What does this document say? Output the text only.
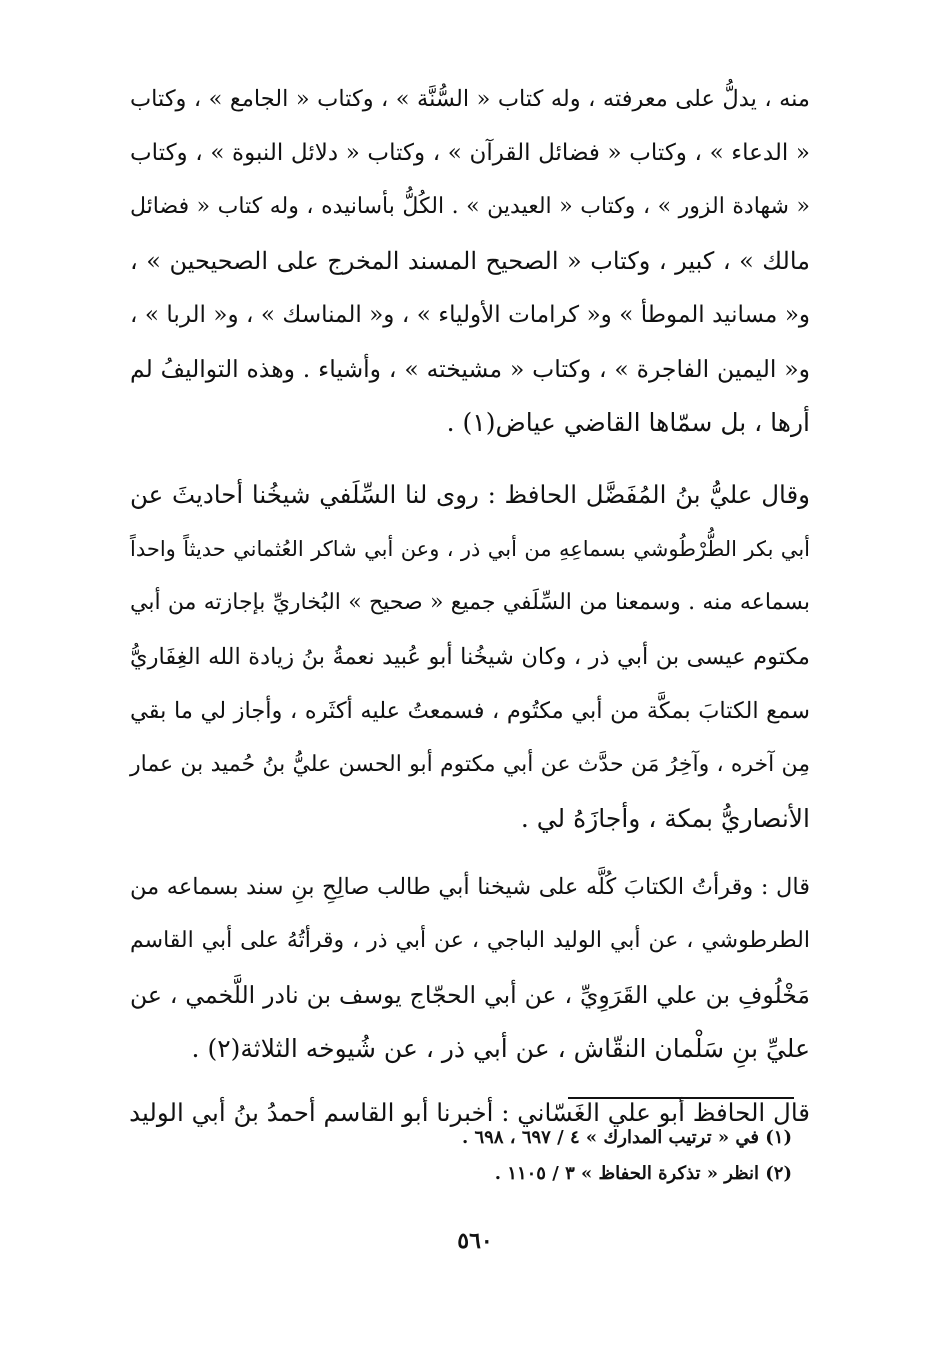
منه ، يدلُّ على معرفته ، وله كتاب « السُّنَّة » ، وكتاب « الجامع » ، وكتاب
« الدعاء » ، وكتاب « فضائل القرآن » ، وكتاب « دلائل النبوة » ، وكتاب
« شهادة الزور » ، وكتاب « العيدين » . الكُلُّ بأسانيده ، وله كتاب « فضائل
مالك » ، كبير ، وكتاب « الصحيح المسند المخرج على الصحيحين » ،
و« مسانيد الموطأ » و« كرامات الأولياء » ، و« المناسك » ، و« الربا » ،
و« اليمين الفاجرة » ، وكتاب « مشيخته » ، وأشياء . وهذه التواليفُ لم
أرها ، بل سمّاها القاضي عياض(١) .
وقال عليُّ بنُ المُفَضَّل الحافظ : روى لنا السِّلَفي شيخُنا أحاديثَ عن
أبي بكر الطُّرْطُوشي بسماعِهِ من أبي ذر ، وعن أبي شاكر العُثماني حديثاً واحداً
بسماعه منه . وسمعنا من السِّلَفي جميع « صحيح » البُخاريِّ بإجازته من أبي
مكتوم عيسى بن أبي ذر ، وكان شيخُنا أبو عُبيد نعمةُ بنُ زيادة الله الغِفَاريُّ
سمع الكتابَ بمكَّة من أبي مكتُوم ، فسمعتُ عليه أكثَره ، وأجاز لي ما بقي
مِن آخره ، وآخِرُ مَن حدَّث عن أبي مكتوم أبو الحسن عليُّ بنُ حُميد بن عمار
الأنصاريُّ بمكة ، وأجازَهُ لي .
قال : وقرأتُ الكتابَ كُلَّه على شيخنا أبي طالب صالِحِ بنِ سند بسماعه من
الطرطوشي ، عن أبي الوليد الباجي ، عن أبي ذر ، وقرأتُهُ على أبي القاسم
مَخْلُوفِ بن علي القَرَوِيِّ ، عن أبي الحجّاج يوسف بن نادر اللَّخمي ، عن
عليِّ بنِ سَلْمان النقّاش ، عن أبي ذر ، عن شُيوخه الثلاثة(٢) .
قال الحافظ أبو علي الغَسّاني : أخبرنا أبو القاسم أحمدُ بنُ أبي الوليد
(١) في « ترتيب المدارك » ٤ / ٦٩٧ ، ٦٩٨ .
(٢) انظر « تذكرة الحفاظ » ٣ / ١١٠٥ .
٥٦٠
